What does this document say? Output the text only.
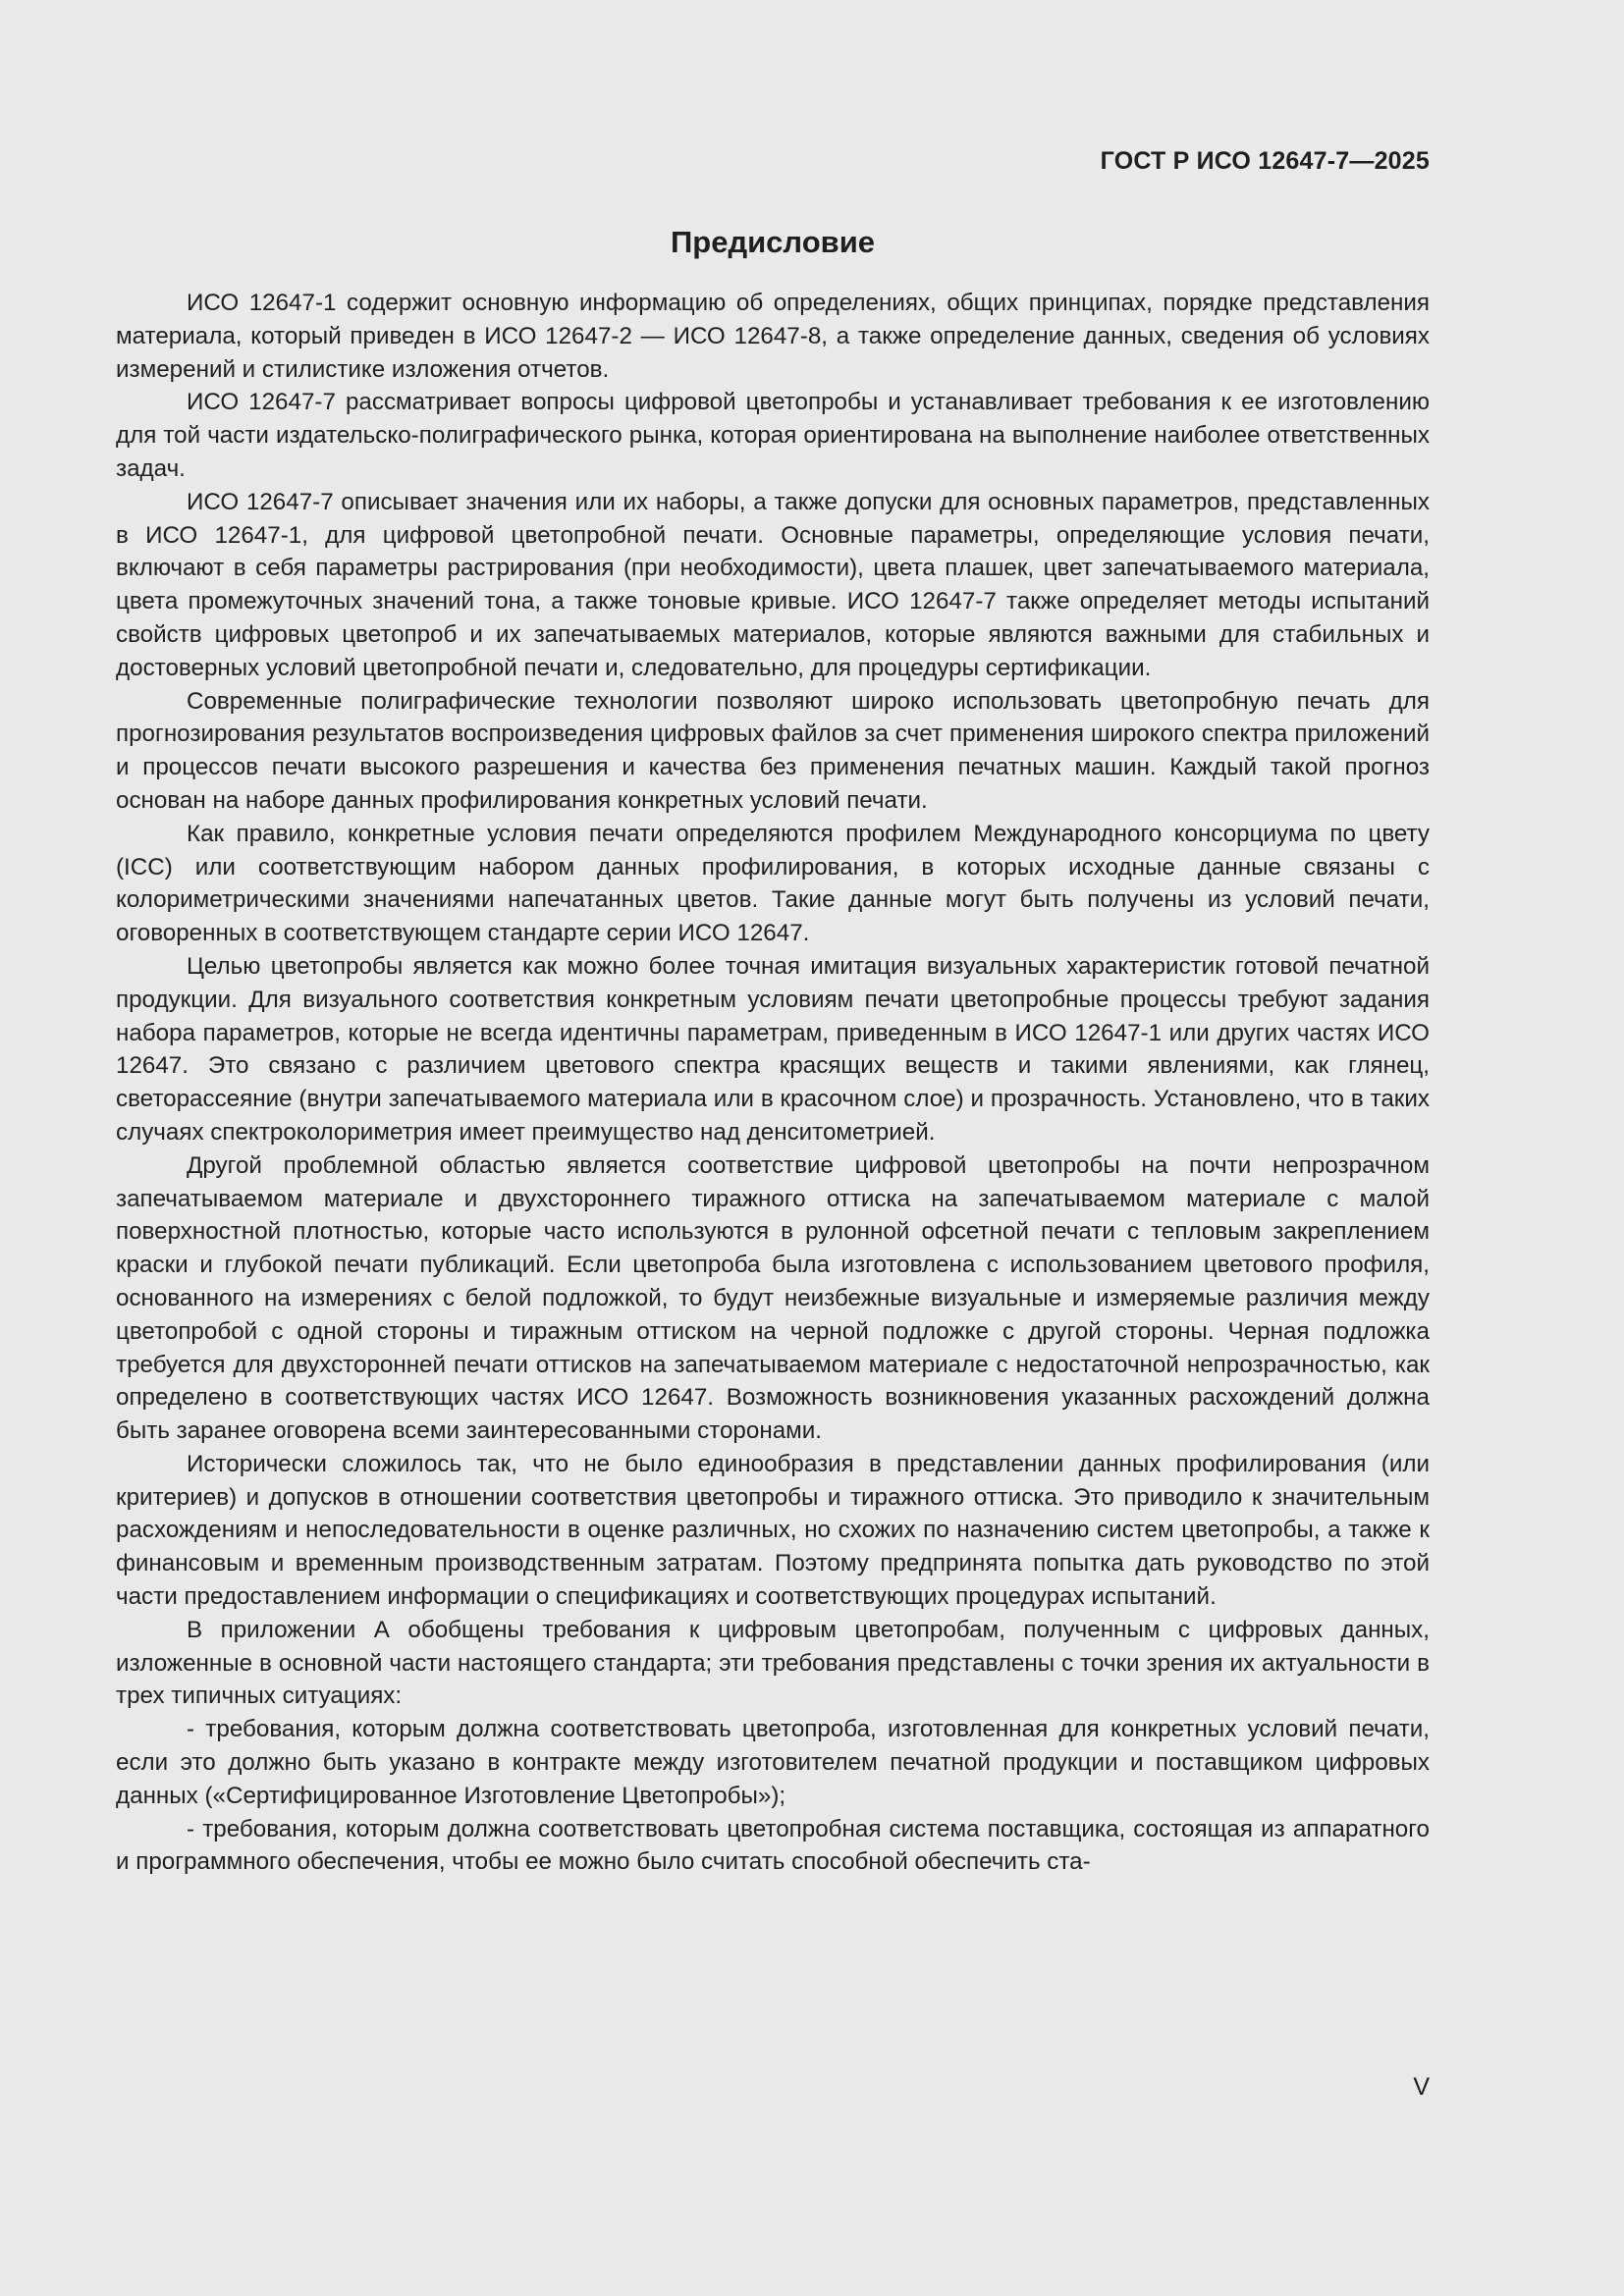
ГОСТ Р ИСО 12647-7—2025
Предисловие

ИСО 12647-1 содержит основную информацию об определениях, общих принципах, порядке представления материала, который приведен в ИСО 12647-2 — ИСО 12647-8, а также определение данных, сведения об условиях измерений и стилистике изложения отчетов.

ИСО 12647-7 рассматривает вопросы цифровой цветопробы и устанавливает требования к ее изготовлению для той части издательско-полиграфического рынка, которая ориентирована на выполнение наиболее ответственных задач.

ИСО 12647-7 описывает значения или их наборы, а также допуски для основных параметров, представленных в ИСО 12647-1, для цифровой цветопробной печати. Основные параметры, определяющие условия печати, включают в себя параметры растрирования (при необходимости), цвета плашек, цвет запечатываемого материала, цвета промежуточных значений тона, а также тоновые кривые. ИСО 12647-7 также определяет методы испытаний свойств цифровых цветопроб и их запечатываемых материалов, которые являются важными для стабильных и достоверных условий цветопробной печати и, следовательно, для процедуры сертификации.

Современные полиграфические технологии позволяют широко использовать цветопробную печать для прогнозирования результатов воспроизведения цифровых файлов за счет применения широкого спектра приложений и процессов печати высокого разрешения и качества без применения печатных машин. Каждый такой прогноз основан на наборе данных профилирования конкретных условий печати.

Как правило, конкретные условия печати определяются профилем Международного консорциума по цвету (ICC) или соответствующим набором данных профилирования, в которых исходные данные связаны с колориметрическими значениями напечатанных цветов. Такие данные могут быть получены из условий печати, оговоренных в соответствующем стандарте серии ИСО 12647.

Целью цветопробы является как можно более точная имитация визуальных характеристик готовой печатной продукции. Для визуального соответствия конкретным условиям печати цветопробные процессы требуют задания набора параметров, которые не всегда идентичны параметрам, приведенным в ИСО 12647-1 или других частях ИСО 12647. Это связано с различием цветового спектра красящих веществ и такими явлениями, как глянец, светорассеяние (внутри запечатываемого материала или в красочном слое) и прозрачность. Установлено, что в таких случаях спектроколориметрия имеет преимущество над денситометрией.

Другой проблемной областью является соответствие цифровой цветопробы на почти непрозрачном запечатываемом материале и двухстороннего тиражного оттиска на запечатываемом материале с малой поверхностной плотностью, которые часто используются в рулонной офсетной печати с тепловым закреплением краски и глубокой печати публикаций. Если цветопроба была изготовлена с использованием цветового профиля, основанного на измерениях с белой подложкой, то будут неизбежные визуальные и измеряемые различия между цветопробой с одной стороны и тиражным оттиском на черной подложке с другой стороны. Черная подложка требуется для двухсторонней печати оттисков на запечатываемом материале с недостаточной непрозрачностью, как определено в соответствующих частях ИСО 12647. Возможность возникновения указанных расхождений должна быть заранее оговорена всеми заинтересованными сторонами.

Исторически сложилось так, что не было единообразия в представлении данных профилирования (или критериев) и допусков в отношении соответствия цветопробы и тиражного оттиска. Это приводило к значительным расхождениям и непоследовательности в оценке различных, но схожих по назначению систем цветопробы, а также к финансовым и временным производственным затратам. Поэтому предпринята попытка дать руководство по этой части предоставлением информации о спецификациях и соответствующих процедурах испытаний.

В приложении А обобщены требования к цифровым цветопробам, полученным с цифровых данных, изложенные в основной части настоящего стандарта; эти требования представлены с точки зрения их актуальности в трех типичных ситуациях:

- требования, которым должна соответствовать цветопроба, изготовленная для конкретных условий печати, если это должно быть указано в контракте между изготовителем печатной продукции и поставщиком цифровых данных («Сертифицированное Изготовление Цветопробы»);

- требования, которым должна соответствовать цветопробная система поставщика, состоящая из аппаратного и программного обеспечения, чтобы ее можно было считать способной обеспечить ста-

V
